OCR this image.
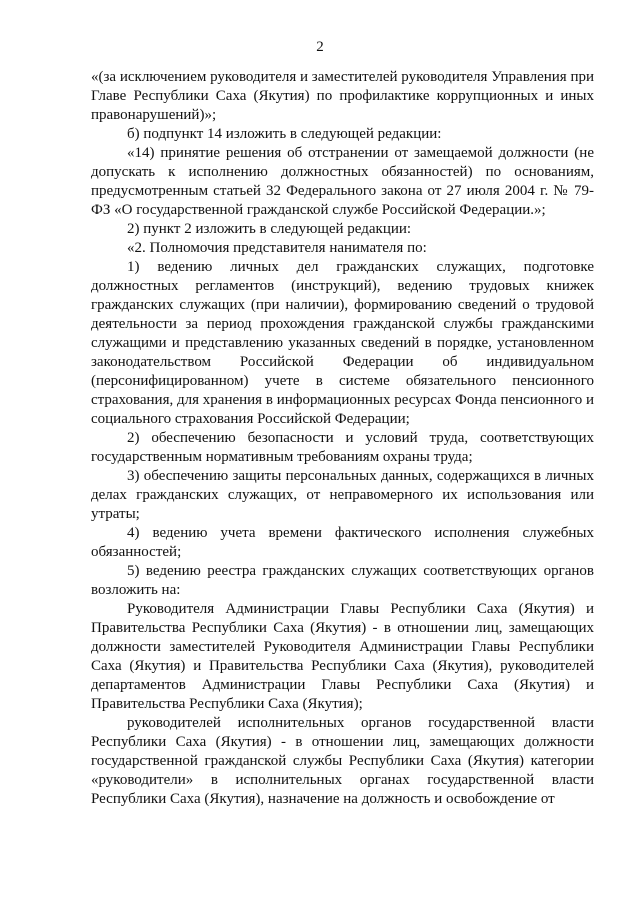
2

«(за исключением руководителя и заместителей руководителя Управления при Главе Республики Саха (Якутия) по профилактике коррупционных и иных правонарушений)»;

б) подпункт 14 изложить в следующей редакции:

«14) принятие решения об отстранении от замещаемой должности (не допускать к исполнению должностных обязанностей) по основаниям, предусмотренным статьей 32 Федерального закона от 27 июля 2004 г. № 79-ФЗ «О государственной гражданской службе Российской Федерации.»;

2) пункт 2 изложить в следующей редакции:

«2. Полномочия представителя нанимателя по:

1) ведению личных дел гражданских служащих, подготовке должностных регламентов (инструкций), ведению трудовых книжек гражданских служащих (при наличии), формированию сведений о трудовой деятельности за период прохождения гражданской службы гражданскими служащими и представлению указанных сведений в порядке, установленном законодательством Российской Федерации об индивидуальном (персонифицированном) учете в системе обязательного пенсионного страхования, для хранения в информационных ресурсах Фонда пенсионного и социального страхования Российской Федерации;

2) обеспечению безопасности и условий труда, соответствующих государственным нормативным требованиям охраны труда;

3) обеспечению защиты персональных данных, содержащихся в личных делах гражданских служащих, от неправомерного их использования или утраты;

4) ведению учета времени фактического исполнения служебных обязанностей;

5) ведению реестра гражданских служащих соответствующих органов возложить на:

Руководителя Администрации Главы Республики Саха (Якутия) и Правительства Республики Саха (Якутия) - в отношении лиц, замещающих должности заместителей Руководителя Администрации Главы Республики Саха (Якутия) и Правительства Республики Саха (Якутия), руководителей департаментов Администрации Главы Республики Саха (Якутия) и Правительства Республики Саха (Якутия);

руководителей исполнительных органов государственной власти Республики Саха (Якутия) - в отношении лиц, замещающих должности государственной гражданской службы Республики Саха (Якутия) категории «руководители» в исполнительных органах государственной власти Республики Саха (Якутия), назначение на должность и освобождение от
